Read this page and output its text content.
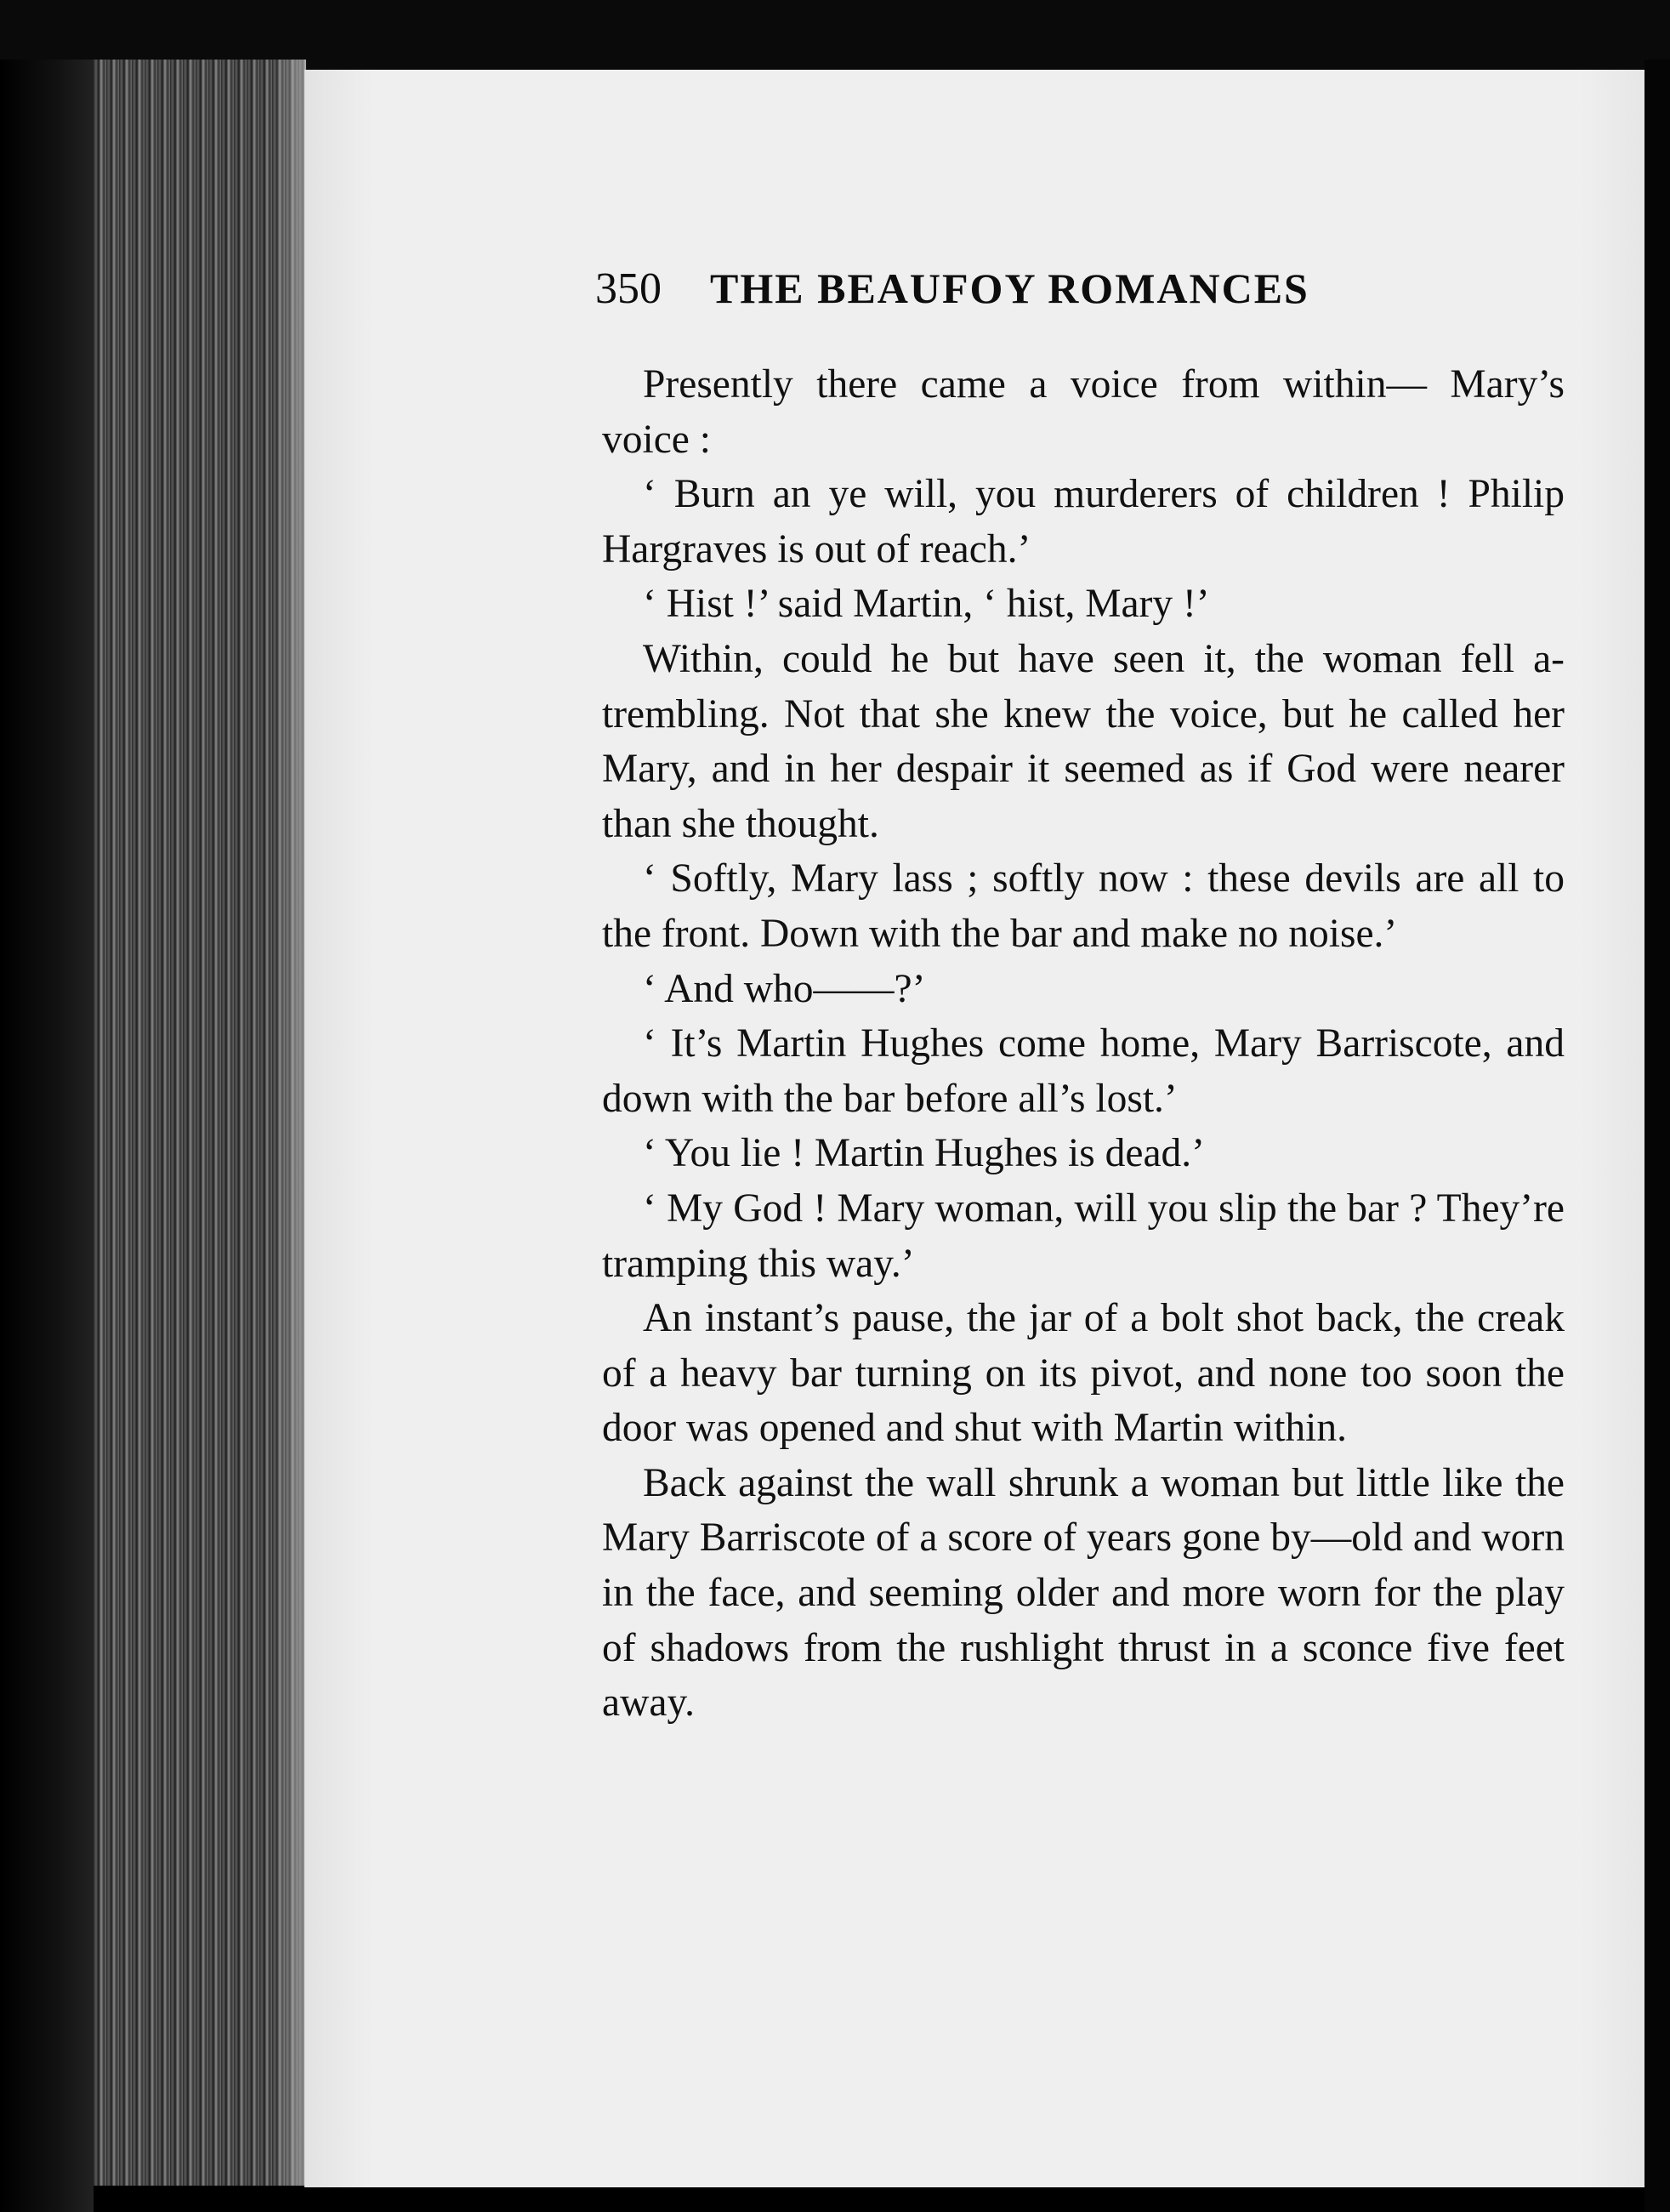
350 THE BEAUFOY ROMANCES

Presently there came a voice from within— Mary’s voice :

‘ Burn an ye will, you murderers of children ! Philip Hargraves is out of reach.’

‘ Hist !’ said Martin, ‘ hist, Mary !’

Within, could he but have seen it, the woman fell a-trembling. Not that she knew the voice, but he called her Mary, and in her despair it seemed as if God were nearer than she thought.

‘ Softly, Mary lass ; softly now : these devils are all to the front. Down with the bar and make no noise.’

‘ And who——?’

‘ It’s Martin Hughes come home, Mary Barriscote, and down with the bar before all’s lost.’

‘ You lie ! Martin Hughes is dead.’

‘ My God ! Mary woman, will you slip the bar ? They’re tramping this way.’

An instant’s pause, the jar of a bolt shot back, the creak of a heavy bar turning on its pivot, and none too soon the door was opened and shut with Martin within.

Back against the wall shrunk a woman but little like the Mary Barriscote of a score of years gone by—old and worn in the face, and seeming older and more worn for the play of shadows from the rushlight thrust in a sconce five feet away.
